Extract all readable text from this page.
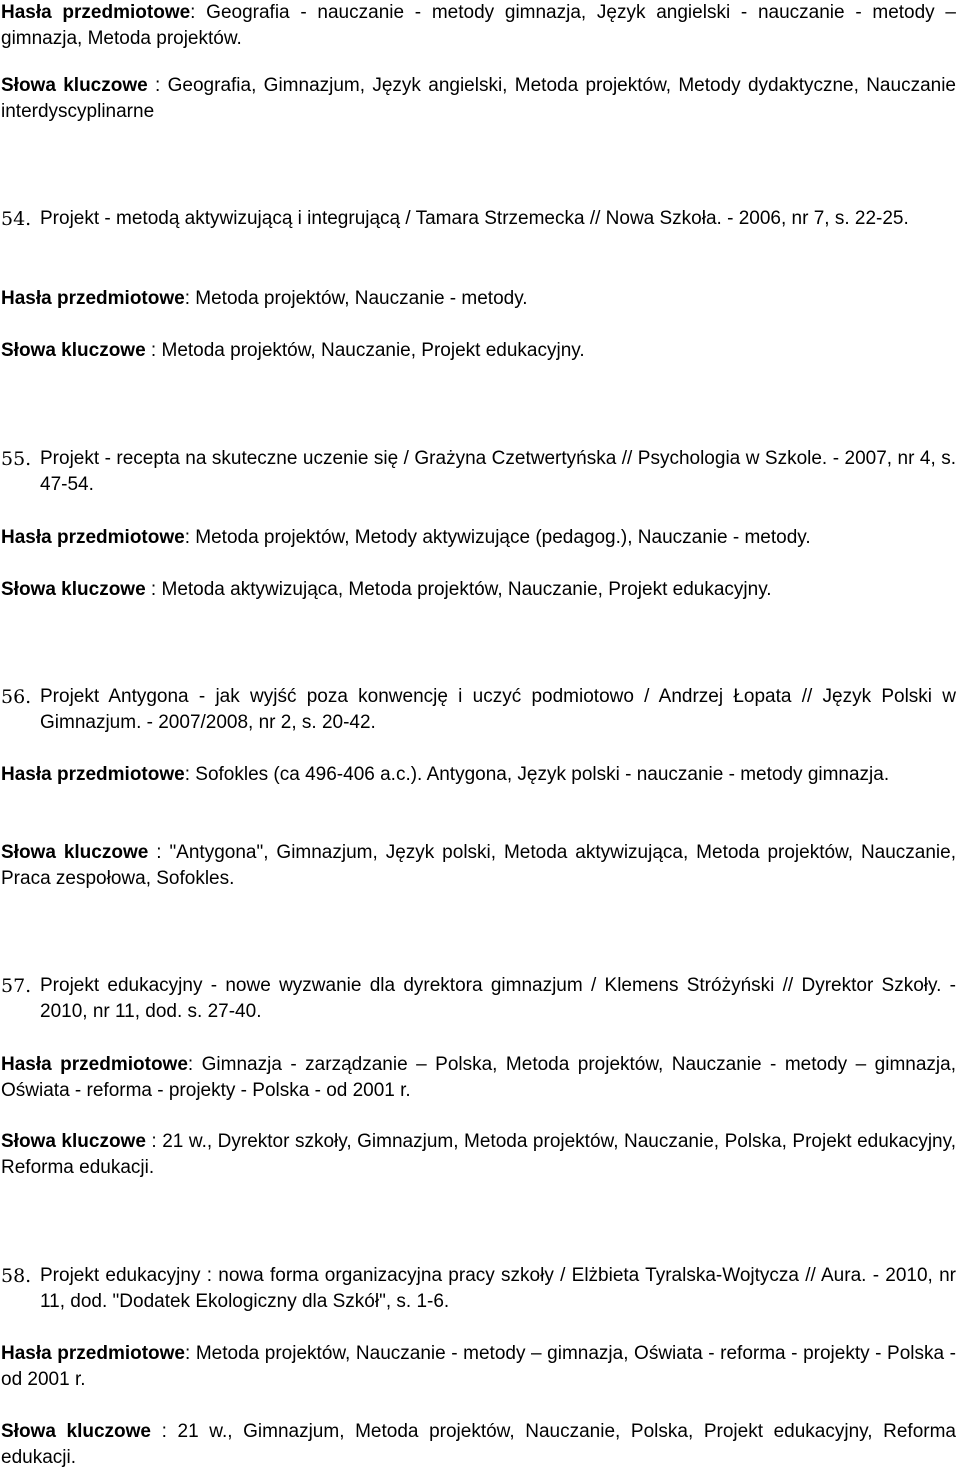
Hasła przedmiotowe: Geografia - nauczanie - metody gimnazja, Język angielski - nauczanie - metody – gimnazja, Metoda projektów.

Słowa kluczowe : Geografia, Gimnazjum, Język angielski, Metoda projektów, Metody dydaktyczne, Nauczanie interdyscyplinarne

54. Projekt - metodą aktywizującą i integrującą / Tamara Strzemecka // Nowa Szkoła. - 2006, nr 7, s. 22-25.

Hasła przedmiotowe: Metoda projektów, Nauczanie - metody.

Słowa kluczowe : Metoda projektów, Nauczanie, Projekt edukacyjny.

55. Projekt - recepta na skuteczne uczenie się / Grażyna Czetwertyńska // Psychologia w Szkole. - 2007, nr 4, s. 47-54.

Hasła przedmiotowe: Metoda projektów, Metody aktywizujące (pedagog.), Nauczanie - metody.

Słowa kluczowe : Metoda aktywizująca, Metoda projektów, Nauczanie, Projekt edukacyjny.

56. Projekt Antygona - jak wyjść poza konwencję i uczyć podmiotowo / Andrzej Łopata // Język Polski w Gimnazjum. - 2007/2008, nr 2, s. 20-42.

Hasła przedmiotowe: Sofokles (ca 496-406 a.c.). Antygona, Język polski - nauczanie - metody gimnazja.

Słowa kluczowe : "Antygona", Gimnazjum, Język polski, Metoda aktywizująca, Metoda projektów, Nauczanie, Praca zespołowa, Sofokles.

57. Projekt edukacyjny - nowe wyzwanie dla dyrektora gimnazjum / Klemens Stróżyński // Dyrektor Szkoły. - 2010, nr 11, dod. s. 27-40.

Hasła przedmiotowe: Gimnazja - zarządzanie – Polska, Metoda projektów, Nauczanie - metody – gimnazja, Oświata - reforma - projekty - Polska - od 2001 r.

Słowa kluczowe : 21 w., Dyrektor szkoły, Gimnazjum, Metoda projektów, Nauczanie, Polska, Projekt edukacyjny, Reforma edukacji.

58. Projekt edukacyjny : nowa forma organizacyjna pracy szkoły / Elżbieta Tyralska-Wojtycza // Aura. - 2010, nr 11, dod. "Dodatek Ekologiczny dla Szkół", s. 1-6.

Hasła przedmiotowe: Metoda projektów, Nauczanie - metody – gimnazja, Oświata - reforma - projekty - Polska - od 2001 r.

Słowa kluczowe : 21 w., Gimnazjum, Metoda projektów, Nauczanie, Polska, Projekt edukacyjny, Reforma edukacji.
